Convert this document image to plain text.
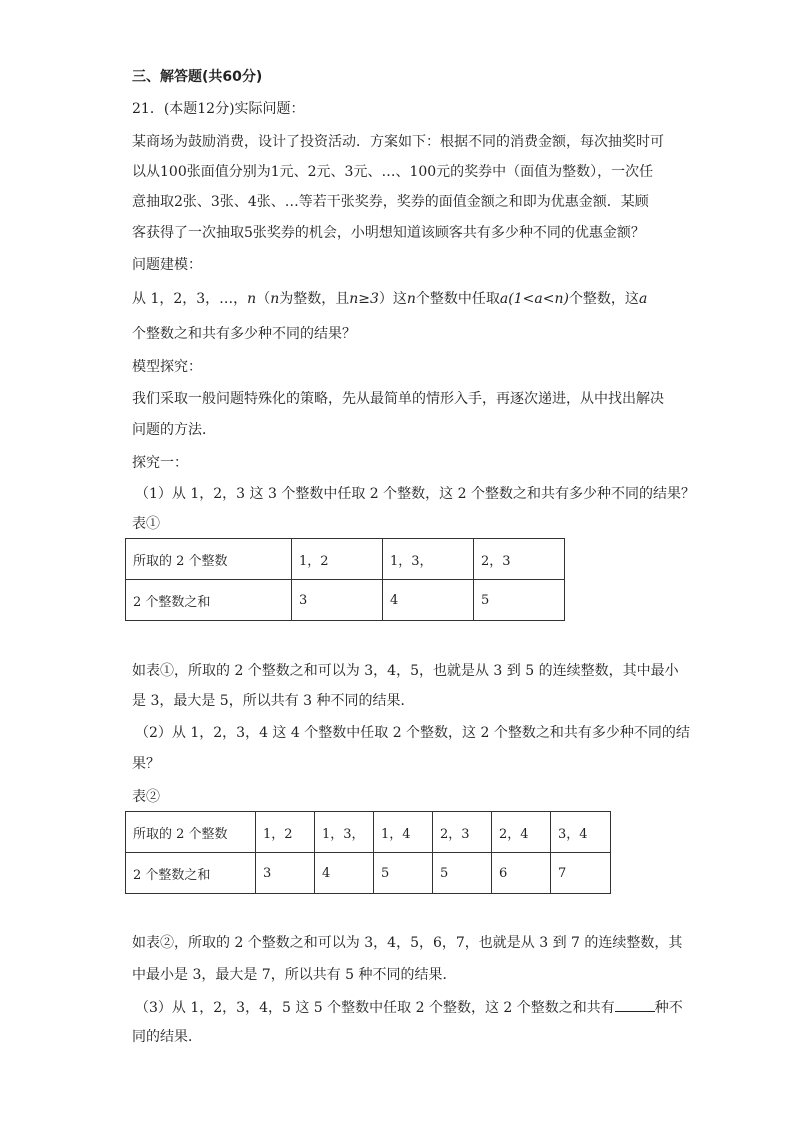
三、解答题(共60分)
21．(本题12分)实际问题：
某商场为鼓励消费，设计了投资活动．方案如下：根据不同的消费金额，每次抽奖时可
以从100张面值分别为1元、2元、3元、…、100元的奖券中（面值为整数），一次任
意抽取2张、3张、4张、…等若干张奖券，奖券的面值金额之和即为优惠金额．某顾
客获得了一次抽取5张奖券的机会，小明想知道该顾客共有多少种不同的优惠金额？
问题建模：
从 1，2，3，…，n（n为整数，且n≥3）这n个整数中任取a(1<a<n)个整数，这a
个整数之和共有多少种不同的结果？
模型探究：
我们采取一般问题特殊化的策略，先从最简单的情形入手，再逐次递进，从中找出解决
问题的方法．
探究一：
（1）从 1，2，3 这 3 个整数中任取 2 个整数，这 2 个整数之和共有多少种不同的结果？
表①
所取的 2 个整数	1，2	1，3，	2，3
2 个整数之和	3	4	5
如表①，所取的 2 个整数之和可以为 3，4，5，也就是从 3 到 5 的连续整数，其中最小
是 3，最大是 5，所以共有 3 种不同的结果．
（2）从 1，2，3，4 这 4 个整数中任取 2 个整数，这 2 个整数之和共有多少种不同的结
果？
表②
所取的 2 个整数	1，2	1，3，	1，4	2，3	2，4	3，4
2 个整数之和	3	4	5	5	6	7
如表②，所取的 2 个整数之和可以为 3，4，5，6，7，也就是从 3 到 7 的连续整数，其
中最小是 3，最大是 7，所以共有 5 种不同的结果．
（3）从 1，2，3，4，5 这 5 个整数中任取 2 个整数，这 2 个整数之和共有	种不
同的结果．
